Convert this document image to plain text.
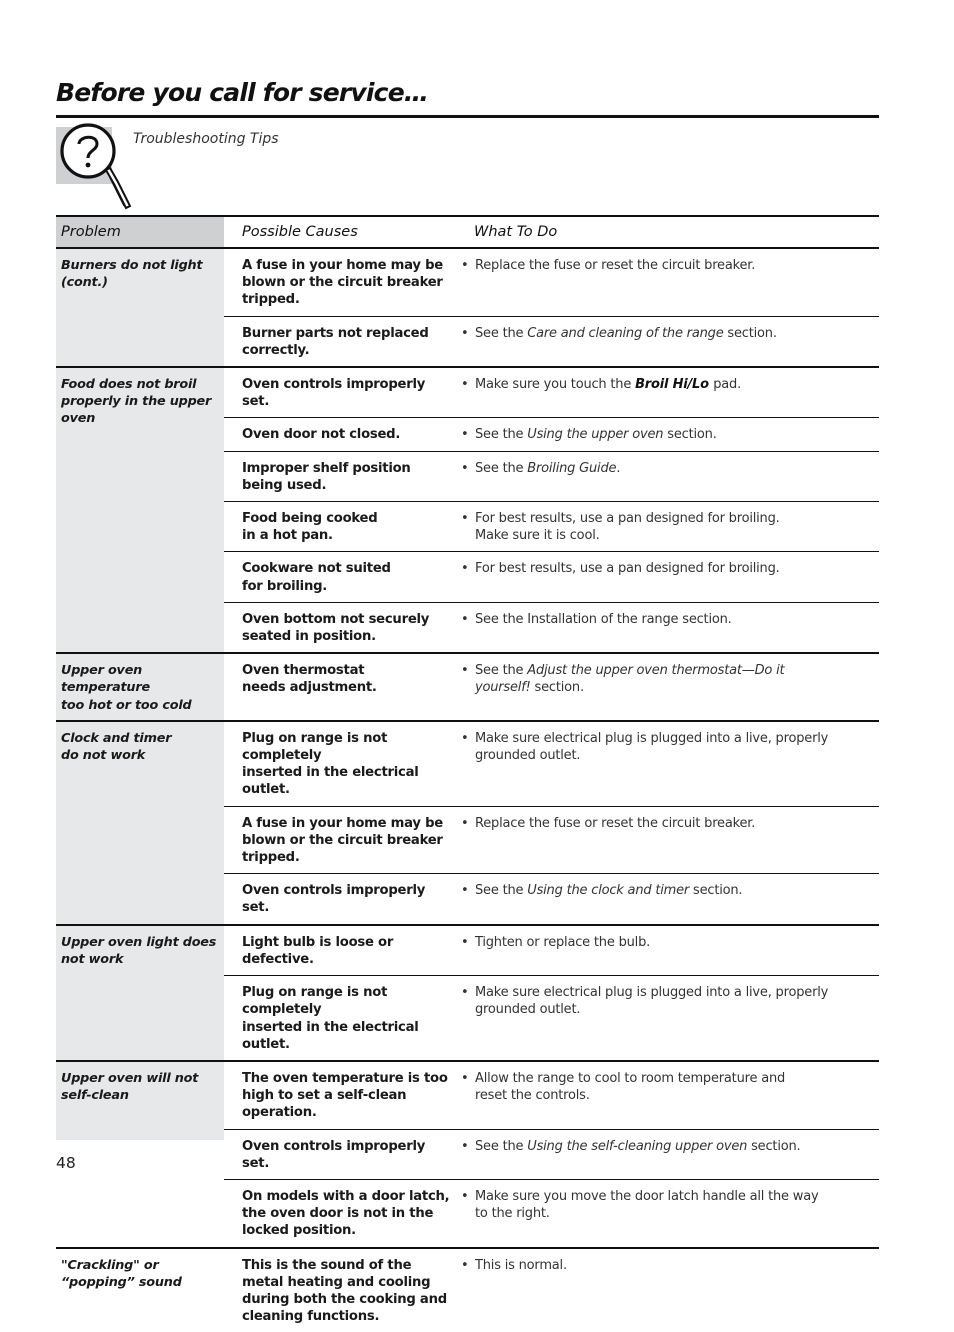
Before you call for service…
Troubleshooting Tips
Problem	Possible Causes	What To Do

Burners do not light
(cont.)	A fuse in your home may be
blown or the circuit breaker
tripped.	• Replace the fuse or reset the circuit breaker.

	Burner parts not replaced
correctly.	• See the Care and cleaning of the range section.

Food does not broil
properly in the upper oven	Oven controls improperly set.	• Make sure you touch the Broil Hi/Lo pad.

	Oven door not closed.	• See the Using the upper oven section.

	Improper shelf position
being used.	• See the Broiling Guide.

	Food being cooked
in a hot pan.	• For best results, use a pan designed for broiling.
Make sure it is cool.

	Cookware not suited
for broiling.	• For best results, use a pan designed for broiling.

	Oven bottom not securely
seated in position.	• See the Installation of the range section.

Upper oven temperature
too hot or too cold	Oven thermostat
needs adjustment.	• See the Adjust the upper oven thermostat—Do it
yourself! section.

Clock and timer
do not work	Plug on range is not completely
inserted in the electrical outlet.	• Make sure electrical plug is plugged into a live, properly
grounded outlet.

	A fuse in your home may be
blown or the circuit breaker
tripped.	• Replace the fuse or reset the circuit breaker.

	Oven controls improperly set.	• See the Using the clock and timer section.

Upper oven light does
not work	Light bulb is loose or defective.	• Tighten or replace the bulb.

	Plug on range is not completely
inserted in the electrical outlet.	• Make sure electrical plug is plugged into a live, properly
grounded outlet.

Upper oven will not
self-clean	The oven temperature is too
high to set a self-clean operation.	• Allow the range to cool to room temperature and
reset the controls.

	Oven controls improperly set.	• See the Using the self-cleaning upper oven section.

	On models with a door latch,
the oven door is not in the
locked position.	• Make sure you move the door latch handle all the way
to the right.

"Crackling" or
“popping” sound	This is the sound of the
metal heating and cooling
during both the cooking and
cleaning functions.	• This is normal.
48
